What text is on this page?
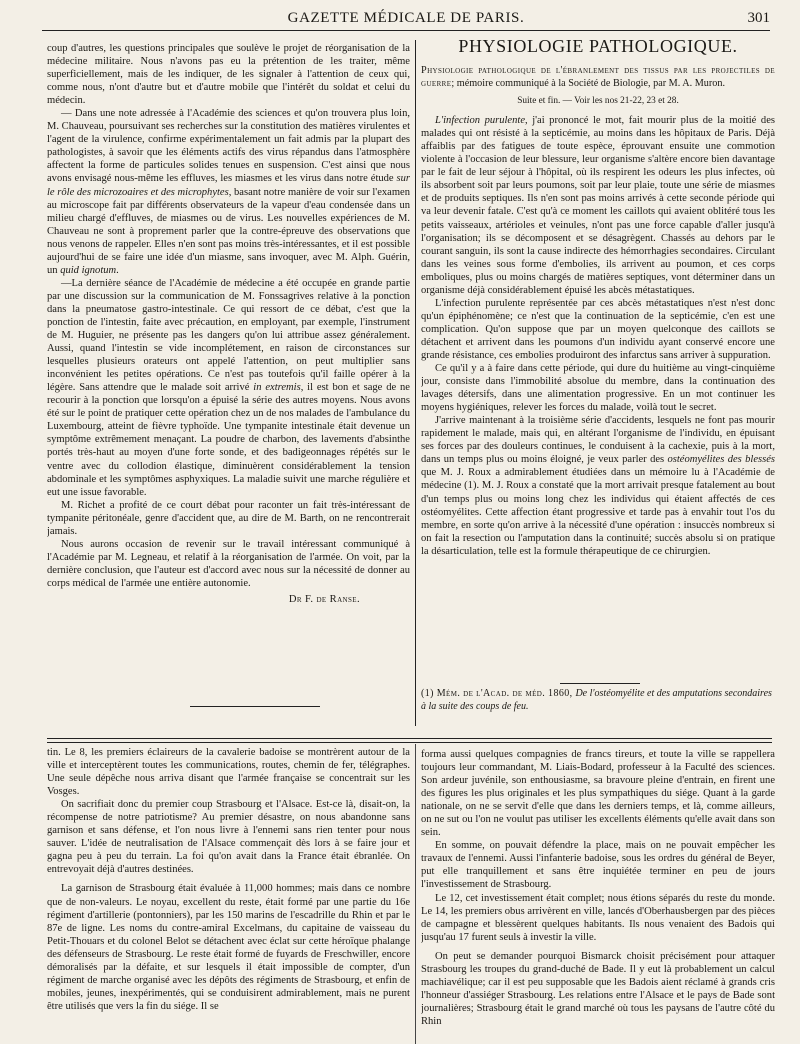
GAZETTE MÉDICALE DE PARIS.	301

coup d'autres, les questions principales que soulève le projet de réorganisation de la médecine militaire. Nous n'avons pas eu la prétention de les traiter, même superficiellement, mais de les indiquer, de les signaler à l'attention de ceux qui, comme nous, n'ont d'autre but et d'autre mobile que l'intérêt du soldat et celui du médecin.

— Dans une note adressée à l'Académie des sciences et qu'on trouvera plus loin, M. Chauveau, poursuivant ses recherches sur la constitution des matières virulentes et l'agent de la virulence, confirme expérimentalement un fait admis par la plupart des pathologistes, à savoir que les éléments actifs des virus répandus dans l'atmosphère affectent la forme de particules solides tenues en suspension. C'est ainsi que nous avons envisagé nous-même les effluves, les miasmes et les virus dans notre étude sur le rôle des microzoaires et des microphytes, basant notre manière de voir sur l'examen au microscope fait par différents observateurs de la vapeur d'eau condensée dans un milieu chargé d'effluves, de miasmes ou de virus. Les nouvelles expériences de M. Chauveau ne sont à proprement parler que la contre-épreuve des observations que nous venons de rappeler. Elles n'en sont pas moins très-intéressantes, et il est possible aujourd'hui de se faire une idée d'un miasme, sans invoquer, avec M. Alph. Guérin, un quid ignotum.

—La dernière séance de l'Académie de médecine a été occupée en grande partie par une discussion sur la communication de M. Fonssagrives relative à la ponction dans la pneumatose gastro-intestinale. Ce qui ressort de ce débat, c'est que la ponction de l'intestin, faite avec précaution, en employant, par exemple, l'instrument de M. Huguier, ne présente pas les dangers qu'on lui attribue assez généralement. Aussi, quand l'intestin se vide incomplétement, en raison de circonstances sur lesquelles plusieurs orateurs ont appelé l'attention, on peut multiplier sans inconvénient les petites opérations. Ce n'est pas toutefois qu'il faille opérer à la légère. Sans attendre que le malade soit arrivé in extremis, il est bon et sage de ne recourir à la ponction que lorsqu'on a épuisé la série des autres moyens. Nous avons été sur le point de pratiquer cette opération chez un de nos malades de l'ambulance du Luxembourg, atteint de fièvre typhoïde. Une tympanite intestinale était devenue un symptôme extrêmement menaçant. La poudre de charbon, des lavements d'absinthe portés très-haut au moyen d'une forte sonde, et des badigeonnages répétés sur le ventre avec du collodion élastique, diminuèrent considérablement la tension abdominale et les symptômes asphyxiques. La maladie suivit une marche régulière et eut une issue favorable.

M. Richet a profité de ce court débat pour raconter un fait très-intéressant de tympanite péritonéale, genre d'accident que, au dire de M. Barth, on ne rencontrerait jamais.

Nous aurons occasion de revenir sur le travail intéressant communiqué à l'Académie par M. Legneau, et relatif à la réorganisation de l'armée. On voit, par la dernière conclusion, que l'auteur est d'accord avec nous sur la nécessité de donner au corps médical de l'armée une entière autonomie.

Dr F. de Ranse.

PHYSIOLOGIE PATHOLOGIQUE.

Physiologie pathologique de l'ébranlement des tissus par les projectiles de guerre; mémoire communiqué à la Société de Biologie, par M. A. Muron.

Suite et fin. — Voir les nos 21-22, 23 et 28.

L'infection purulente, j'ai prononcé le mot, fait mourir plus de la moitié des malades qui ont résisté à la septicémie, au moins dans les hôpitaux de Paris. Déjà affaiblis par des fatigues de toute espèce, éprouvant ensuite une commotion violente à l'occasion de leur blessure, leur organisme s'altère encore bien davantage par le fait de leur séjour à l'hôpital, où ils respirent les odeurs les plus infectes, où ils absorbent soit par leurs poumons, soit par leur plaie, toute une série de miasmes et de produits septiques. Ils n'en sont pas moins arrivés à cette seconde période qui va leur devenir fatale. C'est qu'à ce moment les caillots qui avaient oblitéré tous les petits vaisseaux, artérioles et veinules, n'ont pas une force capable d'aller jusqu'à l'organisation; ils se décomposent et se désagrègent. Chassés au dehors par le courant sanguin, ils sont la cause indirecte des hémorrhagies secondaires. Circulant dans les veines sous forme d'embolies, ils arrivent au poumon, et ces corps emboliques, plus ou moins chargés de matières septiques, vont déterminer dans un organisme déjà considérablement épuisé les abcès métastatiques.

L'infection purulente représentée par ces abcès métastatiques n'est n'est donc qu'un épiphénomène; ce n'est que la continuation de la septicémie, c'en est une complication. Qu'on suppose que par un moyen quelconque des caillots se détachent et arrivent dans les poumons d'un individu ayant conservé encore une grande résistance, ces embolies produiront des infarctus sans arriver à suppuration.

Ce qu'il y a à faire dans cette période, qui dure du huitième au vingt-cinquième jour, consiste dans l'immobilité absolue du membre, dans la continuation des lavages détersifs, dans une alimentation progressive. En un mot continuer les moyens hygiéniques, relever les forces du malade, voilà tout le secret.

J'arrive maintenant à la troisième série d'accidents, lesquels ne font pas mourir rapidement le malade, mais qui, en altérant l'organisme de l'individu, en épuisant ses forces par des douleurs continues, le conduisent à la cachexie, puis à la mort, dans un temps plus ou moins éloigné, je veux parler des ostéomyélites des blessés que M. J. Roux a admirablement étudiées dans un mémoire lu à l'Académie de médecine (1). M. J. Roux a constaté que la mort arrivait presque fatalement au bout d'un temps plus ou moins long chez les individus qui étaient affectés de ces ostéomyélites. Cette affection étant progressive et tarde pas à envahir tout l'os du membre, en sorte qu'on arrive à la nécessité d'une opération : insuccès nombreux si on fait la resection ou l'amputation dans la continuité; succès absolu si on pratique la désarticulation, telle est la formule thérapeutique de ce chirurgien.

(1) Mém. de l'Acad. de méd. 1860, De l'ostéomyélite et des amputations secondaires à la suite des coups de feu.

tin. Le 8, les premiers éclaireurs de la cavalerie badoise se montrèrent autour de la ville et interceptèrent toutes les communications, routes, chemin de fer, télégraphes. Une seule dépêche nous arriva disant que l'armée française se concentrait sur les Vosges.

On sacrifiait donc du premier coup Strasbourg et l'Alsace. Est-ce là, disait-on, la récompense de notre patriotisme? Au premier désastre, on nous abandonne sans garnison et sans défense, et l'on nous livre à l'ennemi sans rien tenter pour nous sauver. L'idée de neutralisation de l'Alsace commençait dès lors à se faire jour et gagna peu à peu du terrain. La foi qu'on avait dans la France était ébranlée. On entrevoyait déjà d'autres destinées.

La garnison de Strasbourg était évaluée à 11,000 hommes; mais dans ce nombre que de non-valeurs. Le noyau, excellent du reste, était formé par une partie du 16e régiment d'artillerie (pontonniers), par les 150 marins de l'escadrille du Rhin et par le 87e de ligne. Les noms du contre-amiral Excelmans, du capitaine de vaisseau du Petit-Thouars et du colonel Belot se détachent avec éclat sur cette héroïque phalange des défenseurs de Strasbourg. Le reste était formé de fuyards de Freschwiller, encore démoralisés par la défaite, et sur lesquels il était impossible de compter, d'un régiment de marche organisé avec les dépôts des régiments de Strasbourg, et enfin de mobiles, jeunes, inexpérimentés, qui se conduisirent admirablement, mais ne purent être utilisés que vers la fin du siége. Il se

forma aussi quelques compagnies de francs tireurs, et toute la ville se rappellera toujours leur commandant, M. Liais-Bodard, professeur à la Faculté des sciences. Son ardeur juvénile, son enthousiasme, sa bravoure pleine d'entrain, en firent une des figures les plus originales et les plus sympathiques du siége. Quant à la garde nationale, on ne se servit d'elle que dans les derniers temps, et là, comme ailleurs, on ne sut ou l'on ne voulut pas utiliser les excellents éléments qu'elle avait dans son sein.

En somme, on pouvait défendre la place, mais on ne pouvait empêcher les travaux de l'ennemi. Aussi l'infanterie badoise, sous les ordres du général de Beyer, put elle tranquillement et sans être inquiétée terminer en peu de jours l'investissement de Strasbourg.

Le 12, cet investissement était complet; nous étions séparés du reste du monde. Le 14, les premiers obus arrivèrent en ville, lancés d'Oberhausbergen par des pièces de campagne et blessèrent quelques habitants. Ils nous venaient des Badois qui jusqu'au 17 furent seuls à investir la ville.

On peut se demander pourquoi Bismarck choisit précisément pour attaquer Strasbourg les troupes du grand-duché de Bade. Il y eut là probablement un calcul machiavélique; car il est peu supposable que les Badois aient réclamé à grands cris l'honneur d'assiéger Strasbourg. Les relations entre l'Alsace et le pays de Bade sont journalières; Strasbourg était le grand marché où tous les paysans de l'autre côté du Rhin
